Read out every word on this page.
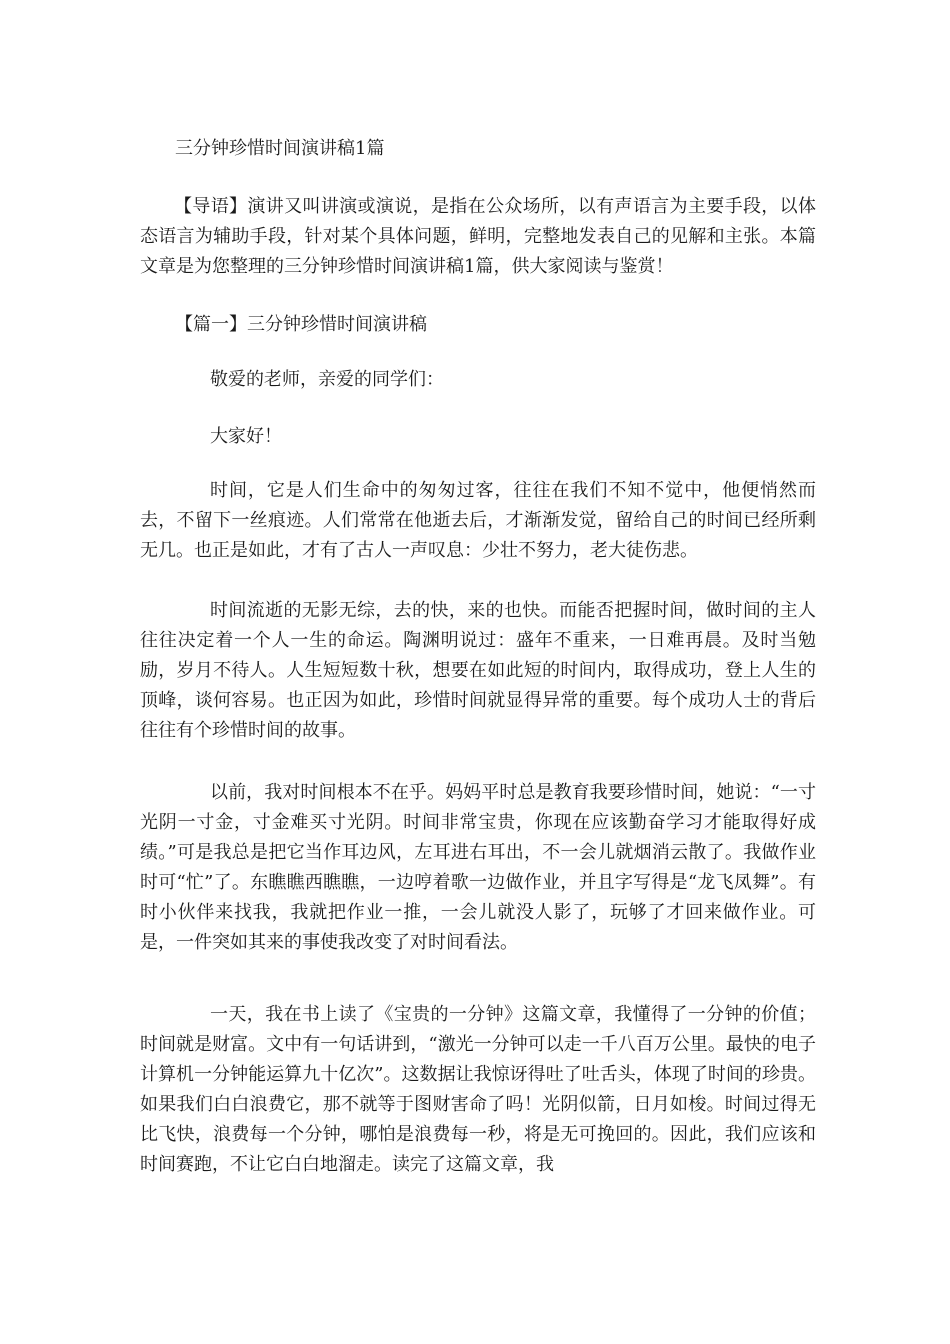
三分钟珍惜时间演讲稿1篇

【导语】演讲又叫讲演或演说，是指在公众场所，以有声语言为主要手段，以体态语言为辅助手段，针对某个具体问题，鲜明，完整地发表自己的见解和主张。本篇文章是为您整理的三分钟珍惜时间演讲稿1篇，供大家阅读与鉴赏！

【篇一】三分钟珍惜时间演讲稿
敬爱的老师，亲爱的同学们：
大家好！

时间，它是人们生命中的匆匆过客，往往在我们不知不觉中，他便悄然而去，不留下一丝痕迹。人们常常在他逝去后，才渐渐发觉，留给自己的时间已经所剩无几。也正是如此，才有了古人一声叹息：少壮不努力，老大徒伤悲。

时间流逝的无影无综，去的快，来的也快。而能否把握时间，做时间的主人往往决定着一个人一生的命运。陶渊明说过：盛年不重来，一日难再晨。及时当勉励，岁月不待人。人生短短数十秋，想要在如此短的时间内，取得成功，登上人生的顶峰，谈何容易。也正因为如此，珍惜时间就显得异常的重要。每个成功人士的背后往往有个珍惜时间的故事。

以前，我对时间根本不在乎。妈妈平时总是教育我要珍惜时间，她说：“一寸光阴一寸金，寸金难买寸光阴。时间非常宝贵，你现在应该勤奋学习才能取得好成绩。”可是我总是把它当作耳边风，左耳进右耳出，不一会儿就烟消云散了。我做作业时可“忙”了。东瞧瞧西瞧瞧，一边哼着歌一边做作业，并且字写得是“龙飞凤舞”。有时小伙伴来找我，我就把作业一推，一会儿就没人影了，玩够了才回来做作业。可是，一件突如其来的事使我改变了对时间看法。

一天，我在书上读了《宝贵的一分钟》这篇文章，我懂得了一分钟的价值；时间就是财富。文中有一句话讲到，“激光一分钟可以走一千八百万公里。最快的电子计算机一分钟能运算九十亿次”。这数据让我惊讶得吐了吐舌头，体现了时间的珍贵。如果我们白白浪费它，那不就等于图财害命了吗！光阴似箭，日月如梭。时间过得无比飞快，浪费每一个分钟，哪怕是浪费每一秒，将是无可挽回的。因此，我们应该和时间赛跑，不让它白白地溜走。读完了这篇文章，我
